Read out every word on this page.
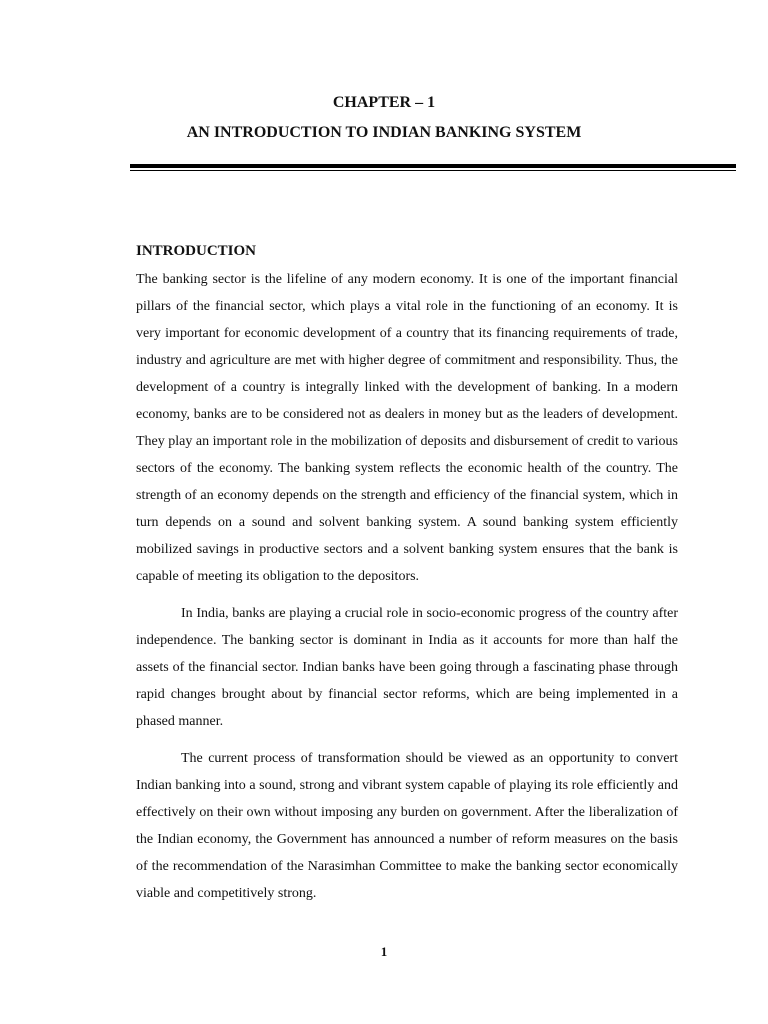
CHAPTER – 1
AN INTRODUCTION TO INDIAN BANKING SYSTEM
INTRODUCTION

The banking sector is the lifeline of any modern economy. It is one of the important financial pillars of the financial sector, which plays a vital role in the functioning of an economy. It is very important for economic development of a country that its financing requirements of trade, industry and agriculture are met with higher degree of commitment and responsibility. Thus, the development of a country is integrally linked with the development of banking. In a modern economy, banks are to be considered not as dealers in money but as the leaders of development. They play an important role in the mobilization of deposits and disbursement of credit to various sectors of the economy. The banking system reflects the economic health of the country. The strength of an economy depends on the strength and efficiency of the financial system, which in turn depends on a sound and solvent banking system. A sound banking system efficiently mobilized savings in productive sectors and a solvent banking system ensures that the bank is capable of meeting its obligation to the depositors.

In India, banks are playing a crucial role in socio-economic progress of the country after independence. The banking sector is dominant in India as it accounts for more than half the assets of the financial sector. Indian banks have been going through a fascinating phase through rapid changes brought about by financial sector reforms, which are being implemented in a phased manner.

The current process of transformation should be viewed as an opportunity to convert Indian banking into a sound, strong and vibrant system capable of playing its role efficiently and effectively on their own without imposing any burden on government. After the liberalization of the Indian economy, the Government has announced a number of reform measures on the basis of the recommendation of the Narasimhan Committee to make the banking sector economically viable and competitively strong.

1
